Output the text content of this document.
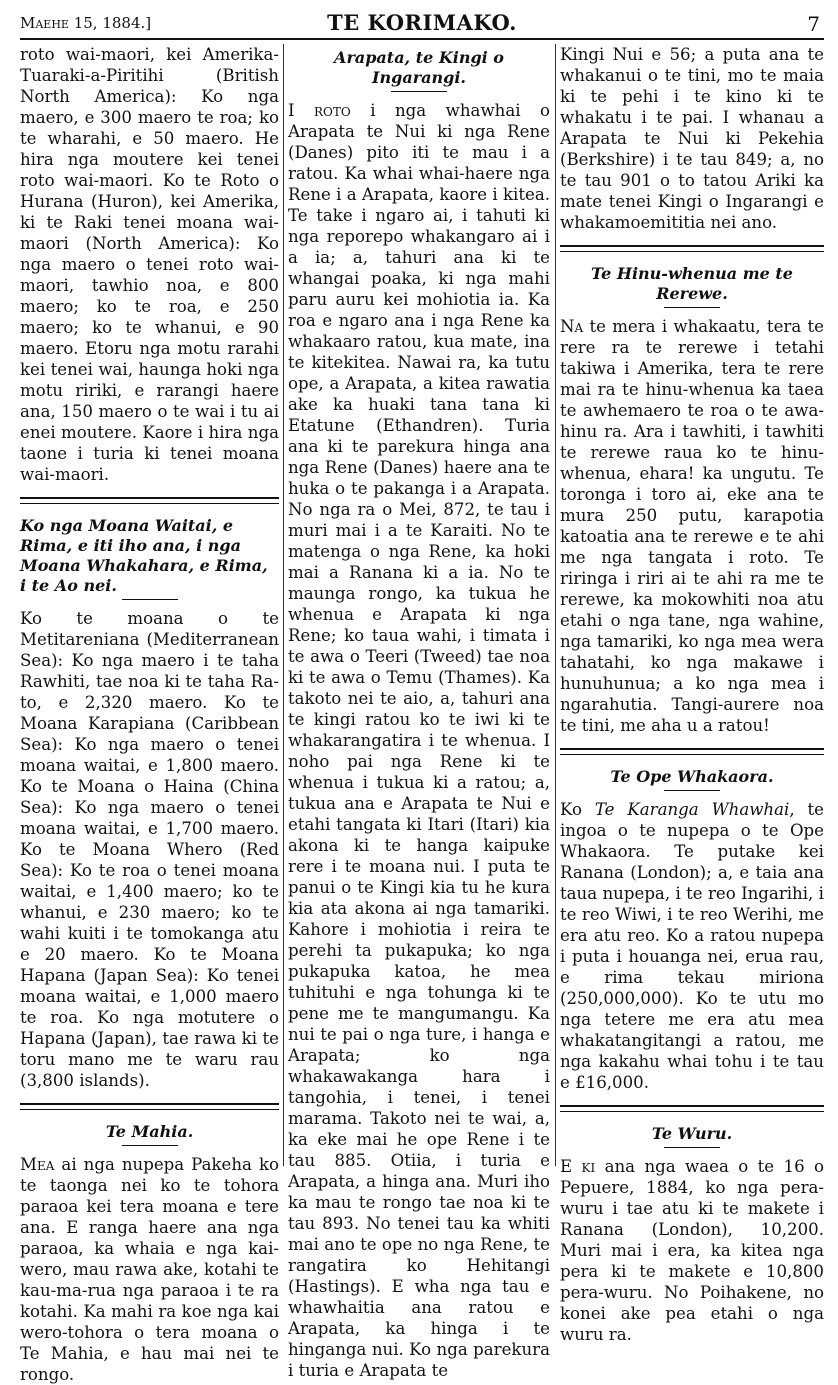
Maehe 15, 1884.]	TE KORIMAKO.	7

roto wai-maori, kei Amerika-Tuaraki-a-Piritihi (British North America): Ko nga maero, e 300 maero te roa; ko te wharahi, e 50 maero. He hira nga moutere kei tenei roto wai-maori. Ko te Roto o Hurana (Huron), kei Amerika, ki te Raki tenei moana wai-maori (North America): Ko nga maero o tenei roto wai-maori, tawhio noa, e 800 maero; ko te roa, e 250 maero; ko te whanui, e 90 maero. Etoru nga motu rarahi kei tenei wai, haunga hoki nga motu ririki, e rarangi haere ana, 150 maero o te wai i tu ai enei moutere. Kaore i hira nga taone i turia ki tenei moana wai-maori.

Ko nga Moana Waitai, e Rima, e iti iho ana, i nga Moana Whakahara, e Rima, i te Ao nei.

Ko te moana o te Metitareniana (Mediterranean Sea): Ko nga maero i te taha Rawhiti, tae noa ki te taha Ra-to, e 2,320 maero. Ko te Moana Karapiana (Caribbean Sea): Ko nga maero o tenei moana waitai, e 1,800 maero. Ko te Moana o Haina (China Sea): Ko nga maero o tenei moana waitai, e 1,700 maero. Ko te Moana Whero (Red Sea): Ko te roa o tenei moana waitai, e 1,400 maero; ko te whanui, e 230 maero; ko te wahi kuiti i te tomokanga atu e 20 maero. Ko te Moana Hapana (Japan Sea): Ko tenei moana waitai, e 1,000 maero te roa. Ko nga motutere o Hapana (Japan), tae rawa ki te toru mano me te waru rau (3,800 islands).

Te Mahia.

Mea ai nga nupepa Pakeha ko te taonga nei ko te tohora paraoa kei tera moana e tere ana. E ranga haere ana nga paraoa, ka whaia e nga kai-wero, mau rawa ake, kotahi te kau-ma-rua nga paraoa i te ra kotahi. Ka mahi ra koe nga kai wero-tohora o tera moana o Te Mahia, e hau mai nei te rongo.

Arapata, te Kingi o Ingarangi.

I roto i nga whawhai o Arapata te Nui ki nga Rene (Danes) pito iti te mau i a ratou. Ka whai whai-haere nga Rene i a Arapata, kaore i kitea. Te take i ngaro ai, i tahuti ki nga reporepo whakangaro ai i a ia; a, tahuri ana ki te whangai poaka, ki nga mahi paru auru kei mohiotia ia. Ka roa e ngaro ana i nga Rene ka whakaaro ratou, kua mate, ina te kitekitea. Nawai ra, ka tutu ope, a Arapata, a kitea rawatia ake ka huaki tana tana ki Etatune (Ethandren). Turia ana ki te parekura hinga ana nga Rene (Danes) haere ana te huka o te pakanga i a Arapata. No nga ra o Mei, 872, te tau i muri mai i a te Karaiti. No te matenga o nga Rene, ka hoki mai a Ranana ki a ia. No te maunga rongo, ka tukua he whenua e Arapata ki nga Rene; ko taua wahi, i timata i te awa o Teeri (Tweed) tae noa ki te awa o Temu (Thames). Ka takoto nei te aio, a, tahuri ana te kingi ratou ko te iwi ki te whakarangatira i te whenua. I noho pai nga Rene ki te whenua i tukua ki a ratou; a, tukua ana e Arapata te Nui e etahi tangata ki Itari (Itari) kia akona ki te hanga kaipuke rere i te moana nui. I puta te panui o te Kingi kia tu he kura kia ata akona ai nga tamariki. Kahore i mohiotia i reira te perehi ta pukapuka; ko nga pukapuka katoa, he mea tuhituhi e nga tohunga ki te pene me te mangumangu. Ka nui te pai o nga ture, i hanga e Arapata; ko nga whakawakanga hara i tangohia, i tenei, i tenei marama. Takoto nei te wai, a, ka eke mai he ope Rene i te tau 885. Otiia, i turia e Arapata, a hinga ana. Muri iho ka mau te rongo tae noa ki te tau 893. No tenei tau ka whiti mai ano te ope no nga Rene, te rangatira ko Hehitangi (Hastings). E wha nga tau e whawhaitia ana ratou e Arapata, ka hinga i te hinganga nui. Ko nga parekura i turia e Arapata te

Kingi Nui e 56; a puta ana te whakanui o te tini, mo te maia ki te pehi i te kino ki te whakatu i te pai. I whanau a Arapata te Nui ki Pekehia (Berkshire) i te tau 849; a, no te tau 901 o to tatou Ariki ka mate tenei Kingi o Ingarangi e whakamoemititia nei ano.

Te Hinu-whenua me te Rerewe.

Na te mera i whakaatu, tera te rere ra te rerewe i tetahi takiwa i Amerika, tera te rere mai ra te hinu-whenua ka taea te awhemaero te roa o te awa-hinu ra. Ara i tawhiti, i tawhiti te rerewe raua ko te hinu-whenua, ehara! ka ungutu. Te toronga i toro ai, eke ana te mura 250 putu, karapotia katoatia ana te rerewe e te ahi me nga tangata i roto. Te riringa i riri ai te ahi ra me te rerewe, ka mokowhiti noa atu etahi o nga tane, nga wahine, nga tamariki, ko nga mea wera tahatahi, ko nga makawe i hunuhunua; a ko nga mea i ngarahutia. Tangi-aurere noa te tini, me aha u a ratou!

Te Ope Whakaora.

Ko Te Karanga Whawhai, te ingoa o te nupepa o te Ope Whakaora. Te putake kei Ranana (London); a, e taia ana taua nupepa, i te reo Ingarihi, i te reo Wiwi, i te reo Werihi, me era atu reo. Ko a ratou nupepa i puta i houanga nei, erua rau, e rima tekau miriona (250,000,000). Ko te utu mo nga tetere me era atu mea whakatangitangi a ratou, me nga kakahu whai tohu i te tau e £16,000.

Te Wuru.

E ki ana nga waea o te 16 o Pepuere, 1884, ko nga pera-wuru i tae atu ki te makete i Ranana (London), 10,200. Muri mai i era, ka kitea nga pera ki te makete e 10,800 pera-wuru. No Poihakene, no konei ake pea etahi o nga wuru ra.
